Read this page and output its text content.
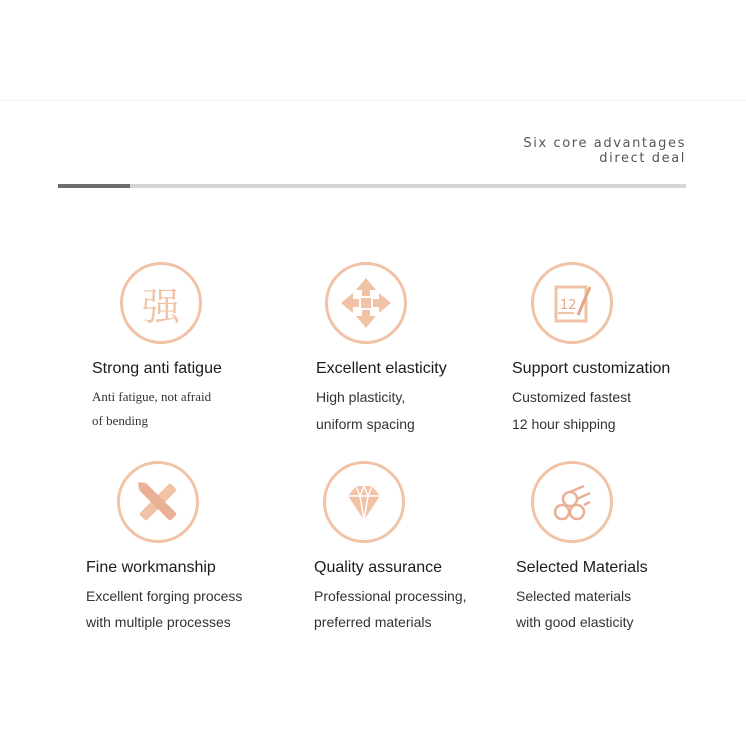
Six core advantages
direct deal
强
Strong anti fatigue
Anti fatigue, not afraid
of bending
Excellent elasticity
High plasticity,
uniform spacing
12
Support customization
Customized fastest
12 hour shipping
Fine workmanship
Excellent forging process
with multiple processes
Quality assurance
Professional processing,
preferred materials
Selected Materials
Selected materials
with good elasticity
